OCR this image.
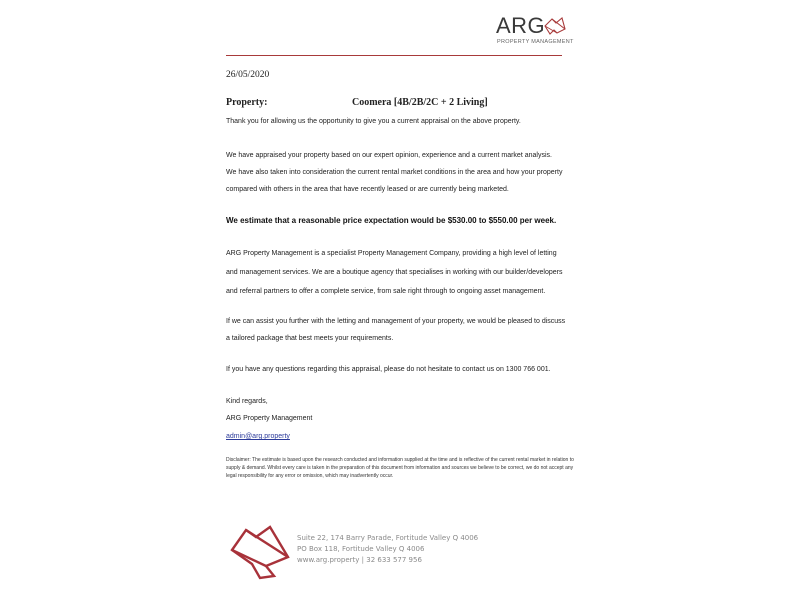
ARG
PROPERTY MANAGEMENT
26/05/2020
Property:	Coomera [4B/2B/2C + 2 Living]
Thank you for allowing us the opportunity to give you a current appraisal on the above property.
We have appraised your property based on our expert opinion, experience and a current market analysis.
We have also taken into consideration the current rental market conditions in the area and how your property
compared with others in the area that have recently leased or are currently being marketed.
We estimate that a reasonable price expectation would be $530.00 to $550.00 per week.
ARG Property Management is a specialist Property Management Company, providing a high level of letting
and management services. We are a boutique agency that specialises in working with our builder/developers
and referral partners to offer a complete service, from sale right through to ongoing asset management.
If we can assist you further with the letting and management of your property, we would be pleased to discuss
a tailored package that best meets your requirements.
If you have any questions regarding this appraisal, please do not hesitate to contact us on 1300 766 001.
Kind regards,
ARG Property Management
admin@arg.property
Disclaimer: The estimate is based upon the research conducted and information supplied at the time and is reflective of the current rental market in relation to supply & demand. Whilst every care is taken in the preparation of this document from information and sources we believe to be correct, we do not accept any legal responsibility for any error or omission, which may inadvertently occur.
Suite 22, 174 Barry Parade, Fortitude Valley Q 4006
PO Box 118, Fortitude Valley Q 4006
www.arg.property | 32 633 577 956
